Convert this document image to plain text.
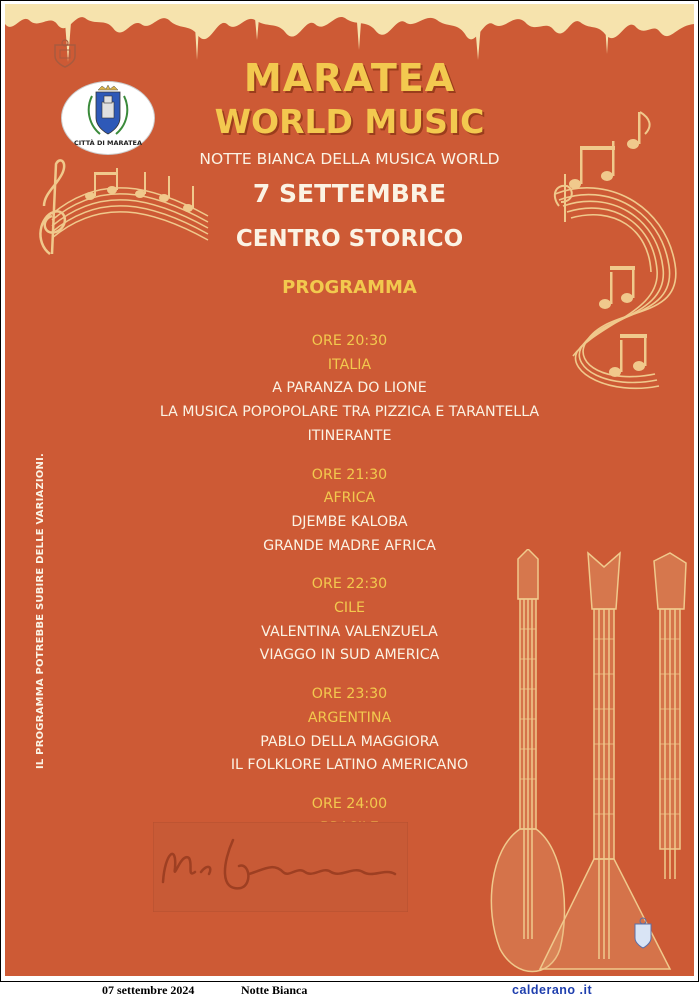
CITTÀ DI MARATEA
MARATEA
WORLD MUSIC
NOTTE BIANCA DELLA MUSICA WORLD
7 SETTEMBRE
CENTRO STORICO
PROGRAMMA
ORE 20:30
ITALIA
A PARANZA DO LIONE
LA MUSICA POPOPOLARE TRA PIZZICA E TARANTELLA
ITINERANTE
ORE 21:30
AFRICA
DJEMBE KALOBA
GRANDE MADRE AFRICA
ORE 22:30
CILE
VALENTINA VALENZUELA
VIAGGO IN SUD AMERICA
ORE 23:30
ARGENTINA
PABLO DELLA MAGGIORA
IL FOLKLORE LATINO AMERICANO
ORE 24:00
IL PROGRAMMA POTREBBE SUBIRE DELLE VARIAZIONI.
07 settembre 2024	Notte Bianca	calderano .it
